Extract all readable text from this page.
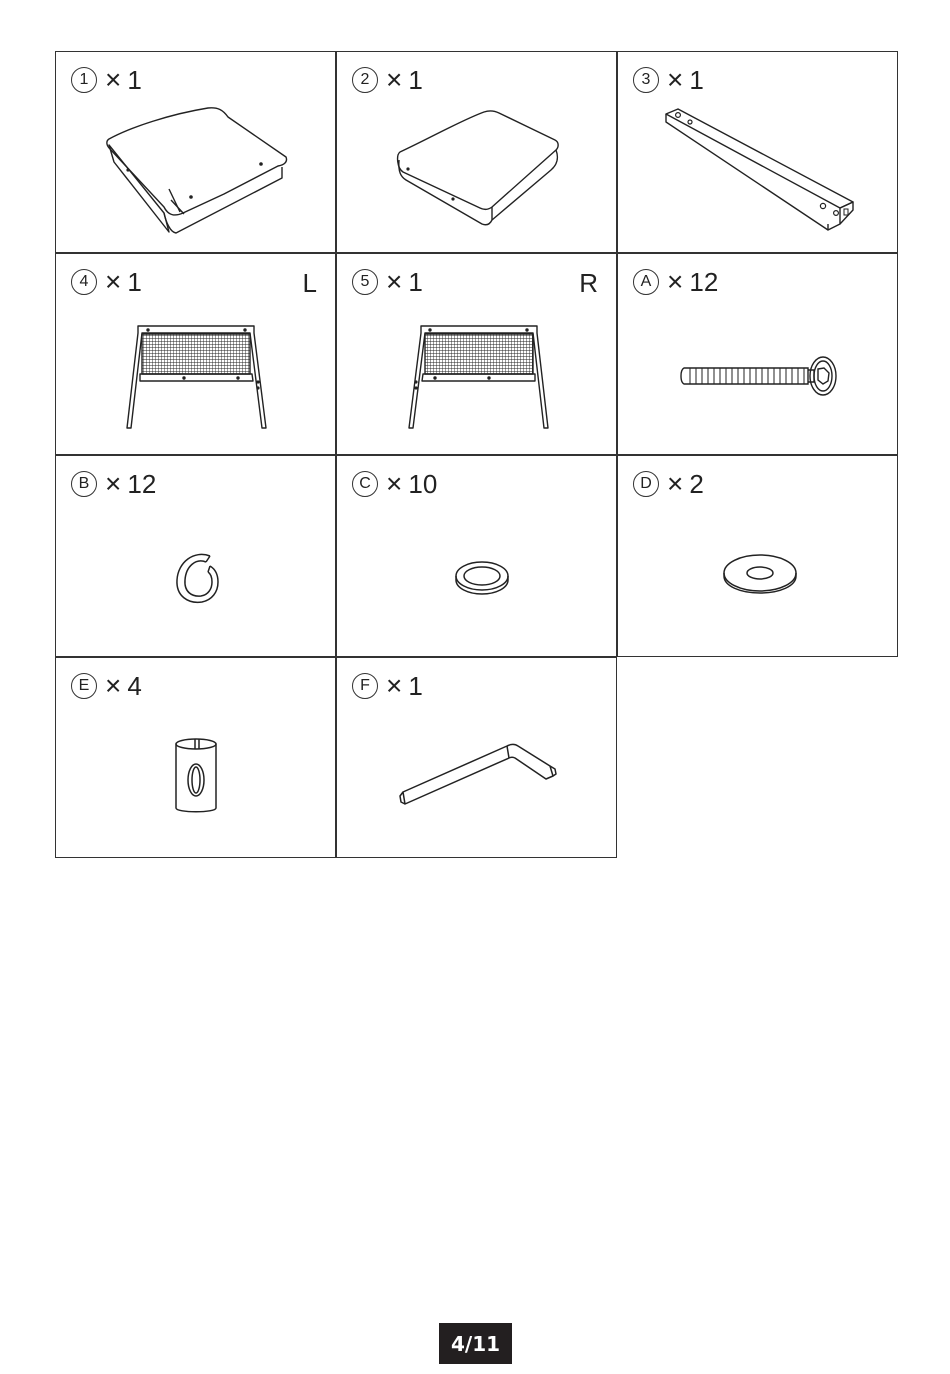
1 × 1	2 × 1	3 × 1
4 × 1	L	5 × 1	R	A × 12
B × 12	C × 10	D × 2
E × 4	F × 1
4/11
